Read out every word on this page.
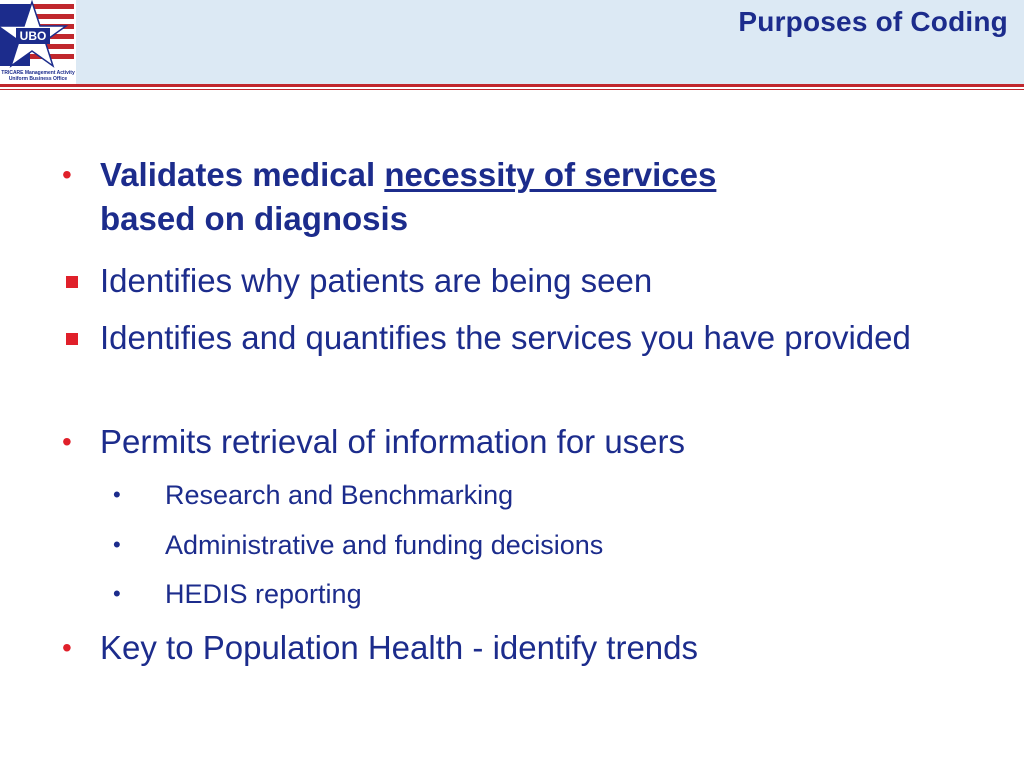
UBO
TRICARE Management Activity
Uniform Business Office
Purposes of Coding
• Validates medical necessity of services
based on diagnosis
Identifies why patients are being seen
Identifies and quantifies the services you have provided
• Permits retrieval of information for users
• Research and Benchmarking
• Administrative and funding decisions
• HEDIS reporting
• Key to Population Health - identify trends
